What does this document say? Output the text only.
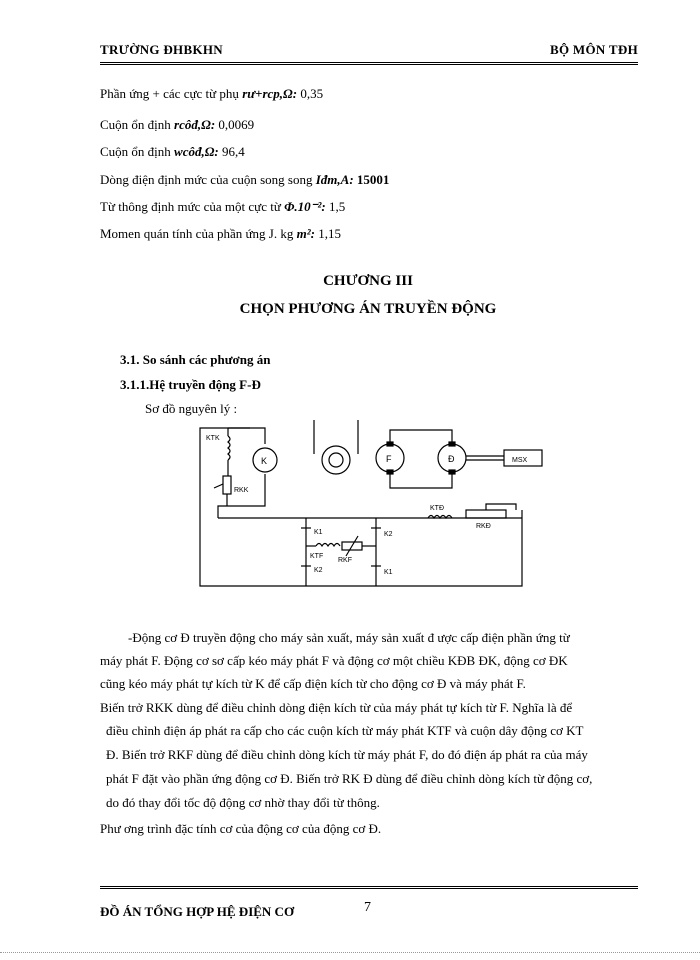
TRƯỜNG ĐHBKHN	BỘ MÔN TĐH
Phần ứng + các cực từ phụ rư+rcp,Ω: 0,35
Cuộn ổn định rcôđ,Ω: 0,0069
Cuộn ổn định wcôđ,Ω: 96,4
Dòng điện định mức của cuộn song song Iđm,A: 15001
Từ thông định mức của một cực từ Φ.10⁻²: 1,5
Momen quán tính của phần ứng J. kg m²: 1,15
CHƯƠNG III
CHỌN PHƯƠNG ÁN TRUYỀN ĐỘNG
3.1. So sánh các phương án
3.1.1.Hệ truyền động F-Đ
Sơ đồ nguyên lý :
KTK
K
RKK
F	Đ	MSX
KTĐ
RKĐ
K1	K2
KTF
RKF
K2	K1
-Động cơ Đ truyền động cho máy sản xuất, máy sản xuất đ ược cấp điện phần ứng từ
máy phát F. Động cơ sơ cấp kéo máy phát F và động cơ một chiều KĐB ĐK, động cơ ĐK
cũng kéo máy phát tự kích từ K để cấp điện kích từ cho động cơ Đ và máy phát F.
Biến trở RKK dùng để điều chỉnh dòng điện kích từ của máy phát tự kích từ F. Nghĩa là để
điều chỉnh điện áp phát ra cấp cho các cuộn kích từ máy phát KTF và cuộn dây động cơ KT
Đ. Biến trở RKF dùng để điều chỉnh dòng kích từ máy phát F, do đó điện áp phát ra của máy
phát F đặt vào phần ứng động cơ Đ. Biến trở RK Đ dùng để điều chỉnh dòng kích từ động cơ,
do đó thay đổi tốc độ động cơ nhờ thay đổi từ thông.
Phư ơng trình đặc tính cơ của động cơ của động cơ Đ.
ĐỒ ÁN TỔNG HỢP HỆ ĐIỆN CƠ	7
